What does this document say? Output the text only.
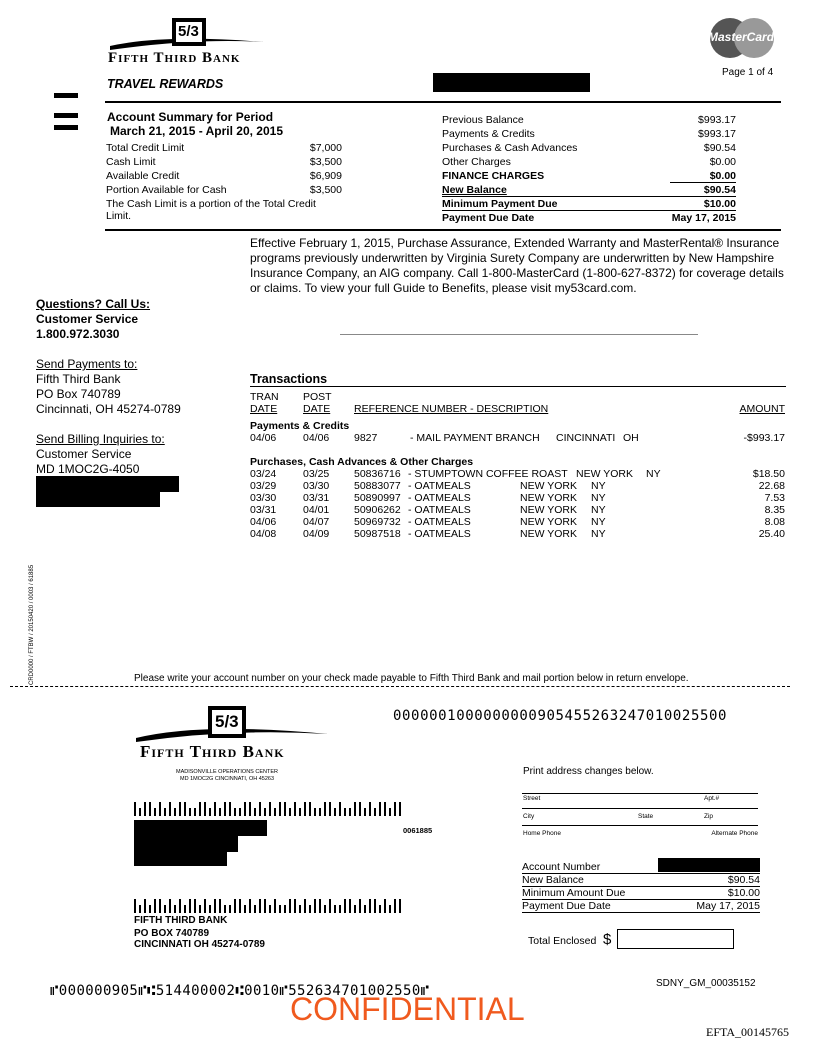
5/3
Fifth Third Bank
MasterCard
Page 1 of 4
TRAVEL REWARDS
Account Summary for Period
March 21, 2015 - April 20, 2015
Total Credit Limit	$7,000
Cash Limit	$3,500
Available Credit	$6,909
Portion Available for Cash	$3,500
The Cash Limit is a portion of the Total Credit Limit.
Previous Balance	$993.17
Payments & Credits	$993.17
Purchases & Cash Advances	$90.54
Other Charges	$0.00
FINANCE CHARGES	$0.00
New Balance	$90.54
Minimum Payment Due	$10.00
Payment Due Date	May 17, 2015
Effective February 1, 2015, Purchase Assurance, Extended Warranty and MasterRental® Insurance programs previously underwritten by Virginia Surety Company are underwritten by New Hampshire Insurance Company, an AIG company. Call 1-800-MasterCard (1-800-627-8372) for coverage details or claims. To view your full Guide to Benefits, please visit my53card.com.
Questions? Call Us:
Customer Service
1.800.972.3030
Send Payments to:
Fifth Third Bank
PO Box 740789
Cincinnati, OH 45274-0789
Send Billing Inquiries to:
Customer Service
MD 1MOC2G-4050
CRD0000 / FTBW / 20150420 / 0003 / 61885
Transactions
TRAN POST
DATE DATE REFERENCE NUMBER - DESCRIPTION	AMOUNT
Payments & Credits
04/06	04/06 9827	- MAIL PAYMENT BRANCH CINCINNATI OH	-$993.17
Purchases, Cash Advances & Other Charges
03/24	03/25 50836716 - STUMPTOWN COFFEE ROAST NEW YORK NY	$18.50
03/29	03/30 50883077 - OATMEALS	NEW YORK NY	22.68
03/30	03/31 50890997 - OATMEALS	NEW YORK NY	7.53
03/31	04/01 50906262 - OATMEALS	NEW YORK NY	8.35
04/06	04/07 50969732 - OATMEALS	NEW YORK NY	8.08
04/08	04/09 50987518 - OATMEALS	NEW YORK NY	25.40
Please write your account number on your check made payable to Fifth Third Bank and mail portion below in return envelope.
5/3
Fifth Third Bank
MADISONVILLE OPERATIONS CENTER
MD 1MOC2G CINCINNATI, OH 45263
0000001000000000905455263247010025500
0061885
Print address changes below.
Street	Apt.#
City	State	Zip
Home Phone	Alternate Phone
Account Number
New Balance	$90.54
Minimum Amount Due	$10.00
Payment Due Date	May 17, 2015
FIFTH THIRD BANK
PO BOX 740789
CINCINNATI OH 45274-0789	Total Enclosed $
⑈000000905⑈⑆514400002⑆0010⑈552634701002550⑈	SDNY_GM_00035152
CONFIDENTIAL
EFTA_00145765
